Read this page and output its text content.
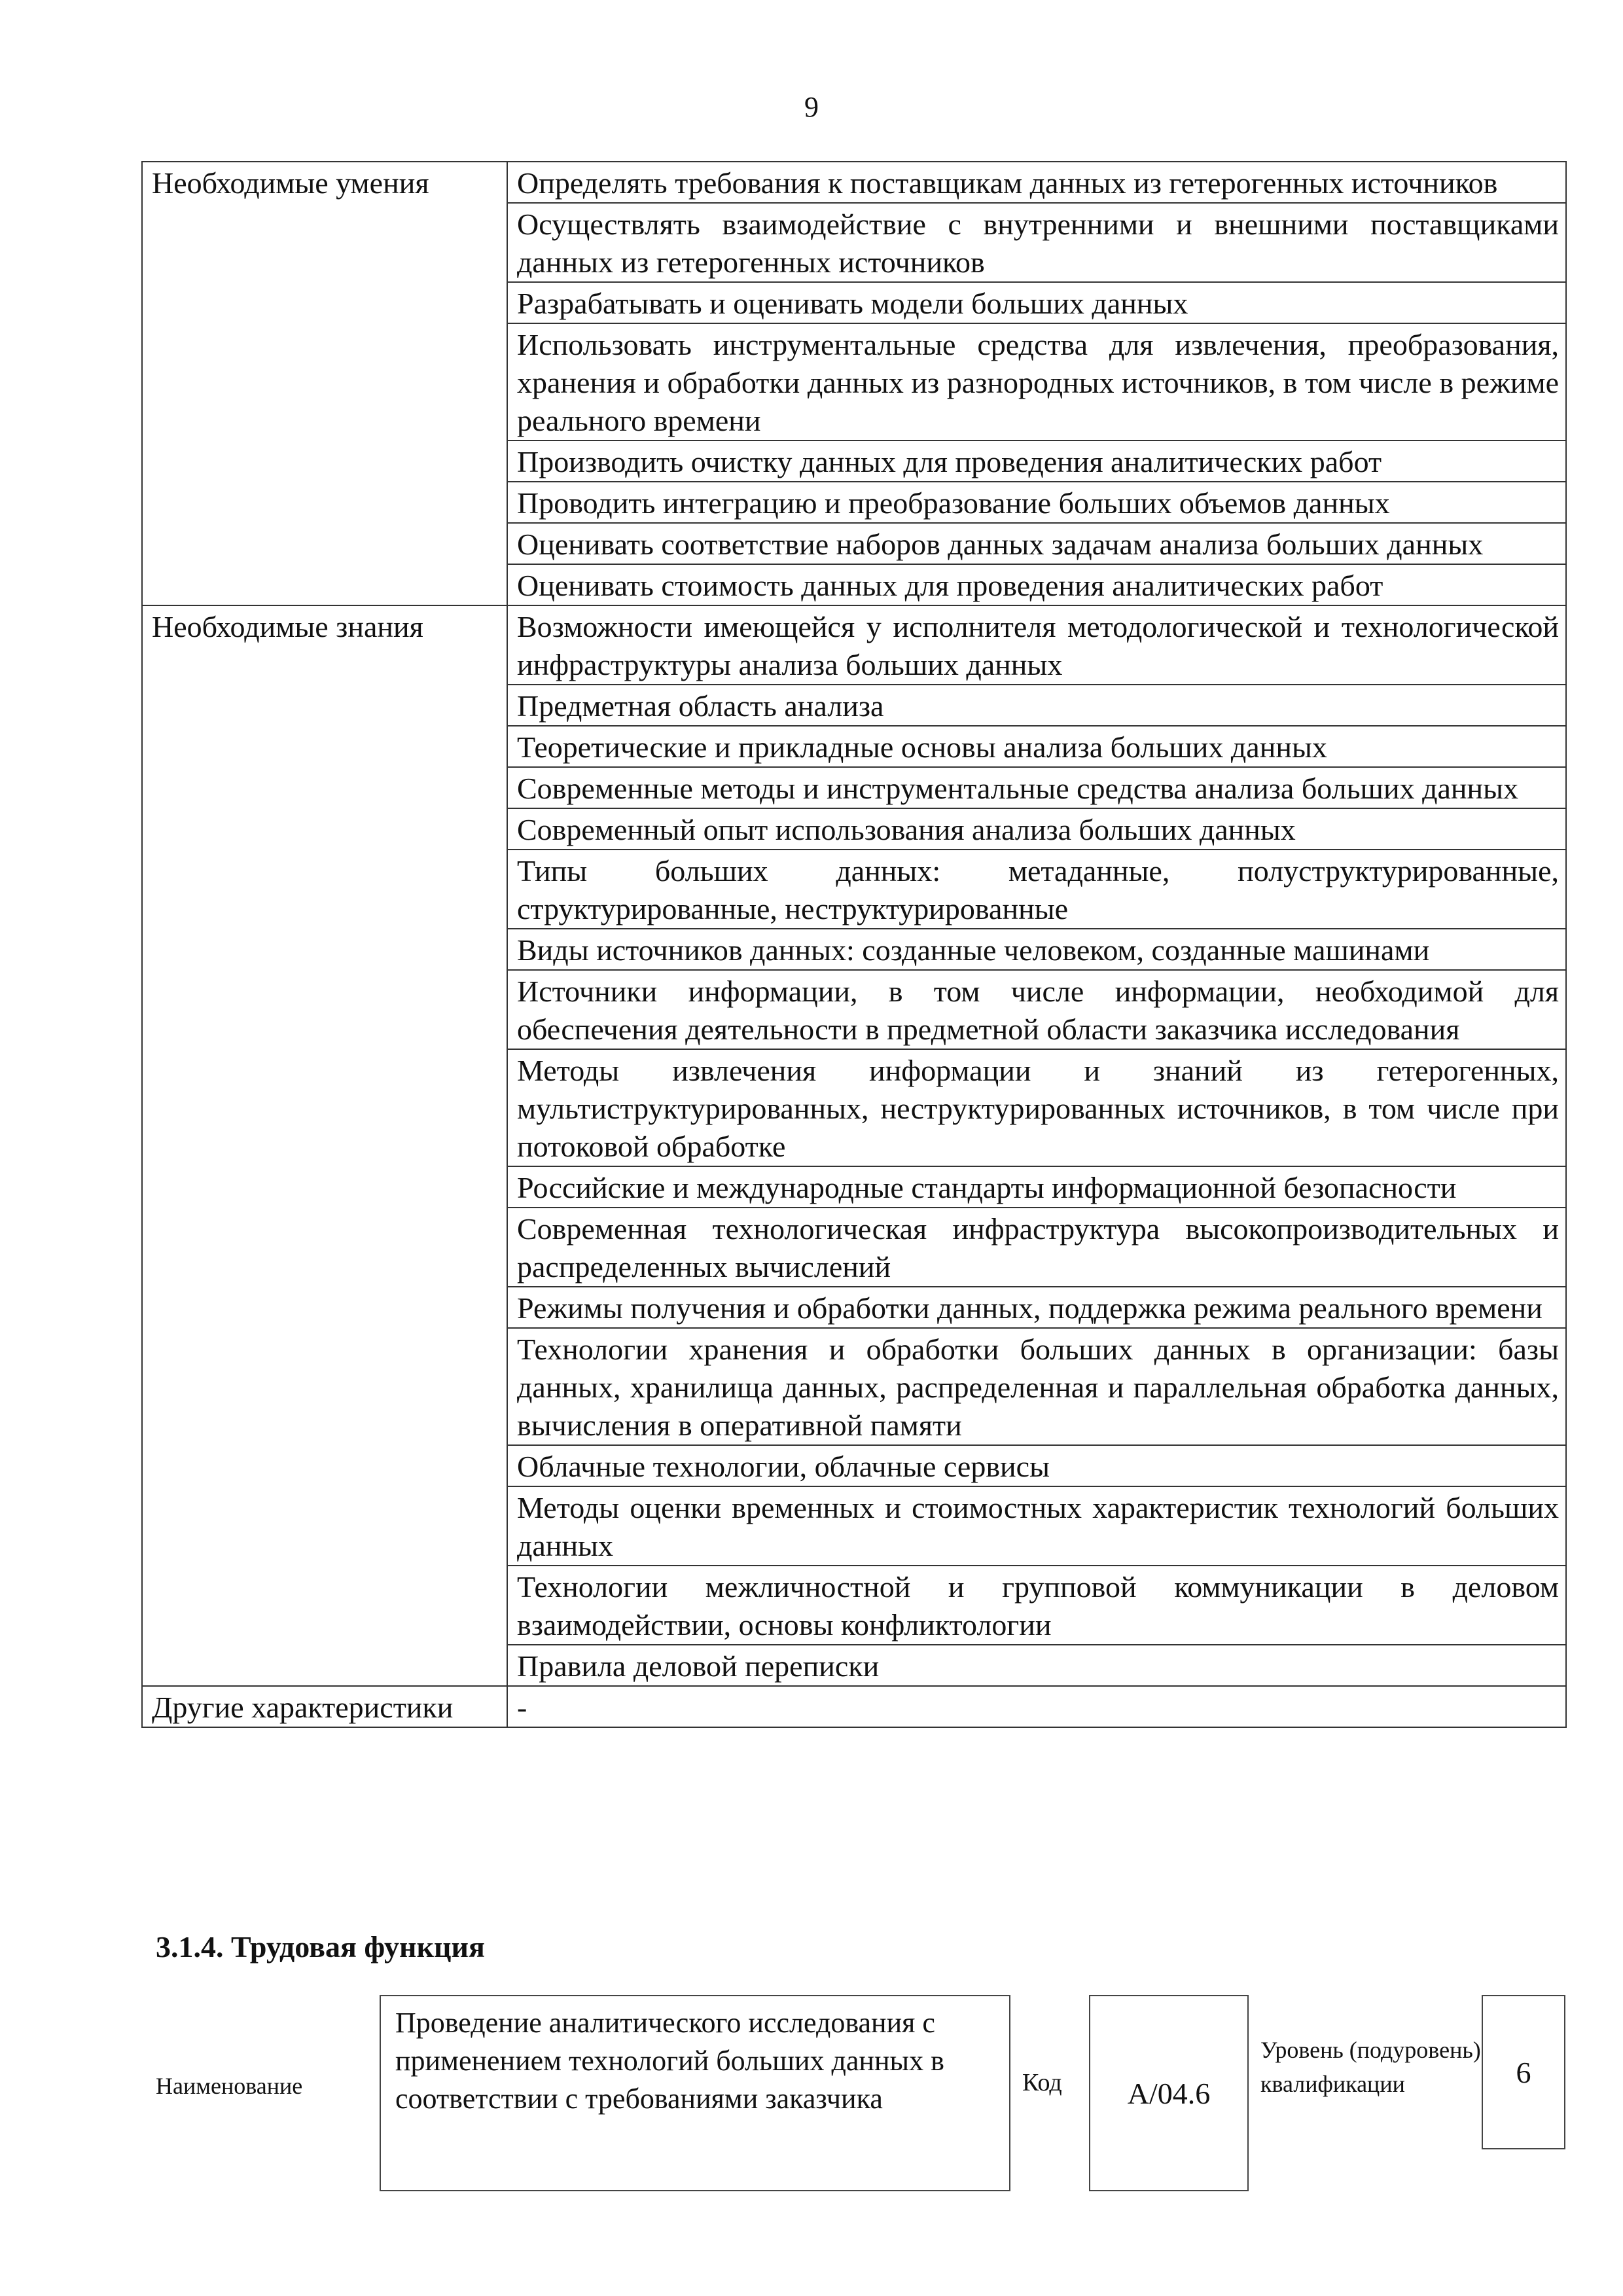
9
Необходимые умения	Определять требования к поставщикам данных из гетерогенных источников
	Осуществлять взаимодействие с внутренними и внешними поставщиками данных из гетерогенных источников
	Разрабатывать и оценивать модели больших данных
	Использовать инструментальные средства для извлечения, преобразования, хранения и обработки данных из разнородных источников, в том числе в режиме реального времени
	Производить очистку данных для проведения аналитических работ
	Проводить интеграцию и преобразование больших объемов данных
	Оценивать соответствие наборов данных задачам анализа больших данных
	Оценивать стоимость данных для проведения аналитических работ
Необходимые знания	Возможности имеющейся у исполнителя методологической и технологической инфраструктуры анализа больших данных
	Предметная область анализа
	Теоретические и прикладные основы анализа больших данных
	Современные методы и инструментальные средства анализа больших данных
	Современный опыт использования анализа больших данных
	Типы больших данных: метаданные, полуструктурированные, структурированные, неструктурированные
	Виды источников данных: созданные человеком, созданные машинами
	Источники информации, в том числе информации, необходимой для обеспечения деятельности в предметной области заказчика исследования
	Методы извлечения информации и знаний из гетерогенных, мультиструктурированных, неструктурированных источников, в том числе при потоковой обработке
	Российские и международные стандарты информационной безопасности
	Современная технологическая инфраструктура высокопроизводительных и распределенных вычислений
	Режимы получения и обработки данных, поддержка режима реального времени
	Технологии хранения и обработки больших данных в организации: базы данных, хранилища данных, распределенная и параллельная обработка данных, вычисления в оперативной памяти
	Облачные технологии, облачные сервисы
	Методы оценки временных и стоимостных характеристик технологий больших данных
	Технологии межличностной и групповой коммуникации в деловом взаимодействии, основы конфликтологии
	Правила деловой переписки
Другие характеристики	-
3.1.4. Трудовая функция
Наименование
Проведение аналитического исследования с применением технологий больших данных в соответствии с требованиями заказчика	Код	A/04.6
Уровень (подуровень) квалификации	6
